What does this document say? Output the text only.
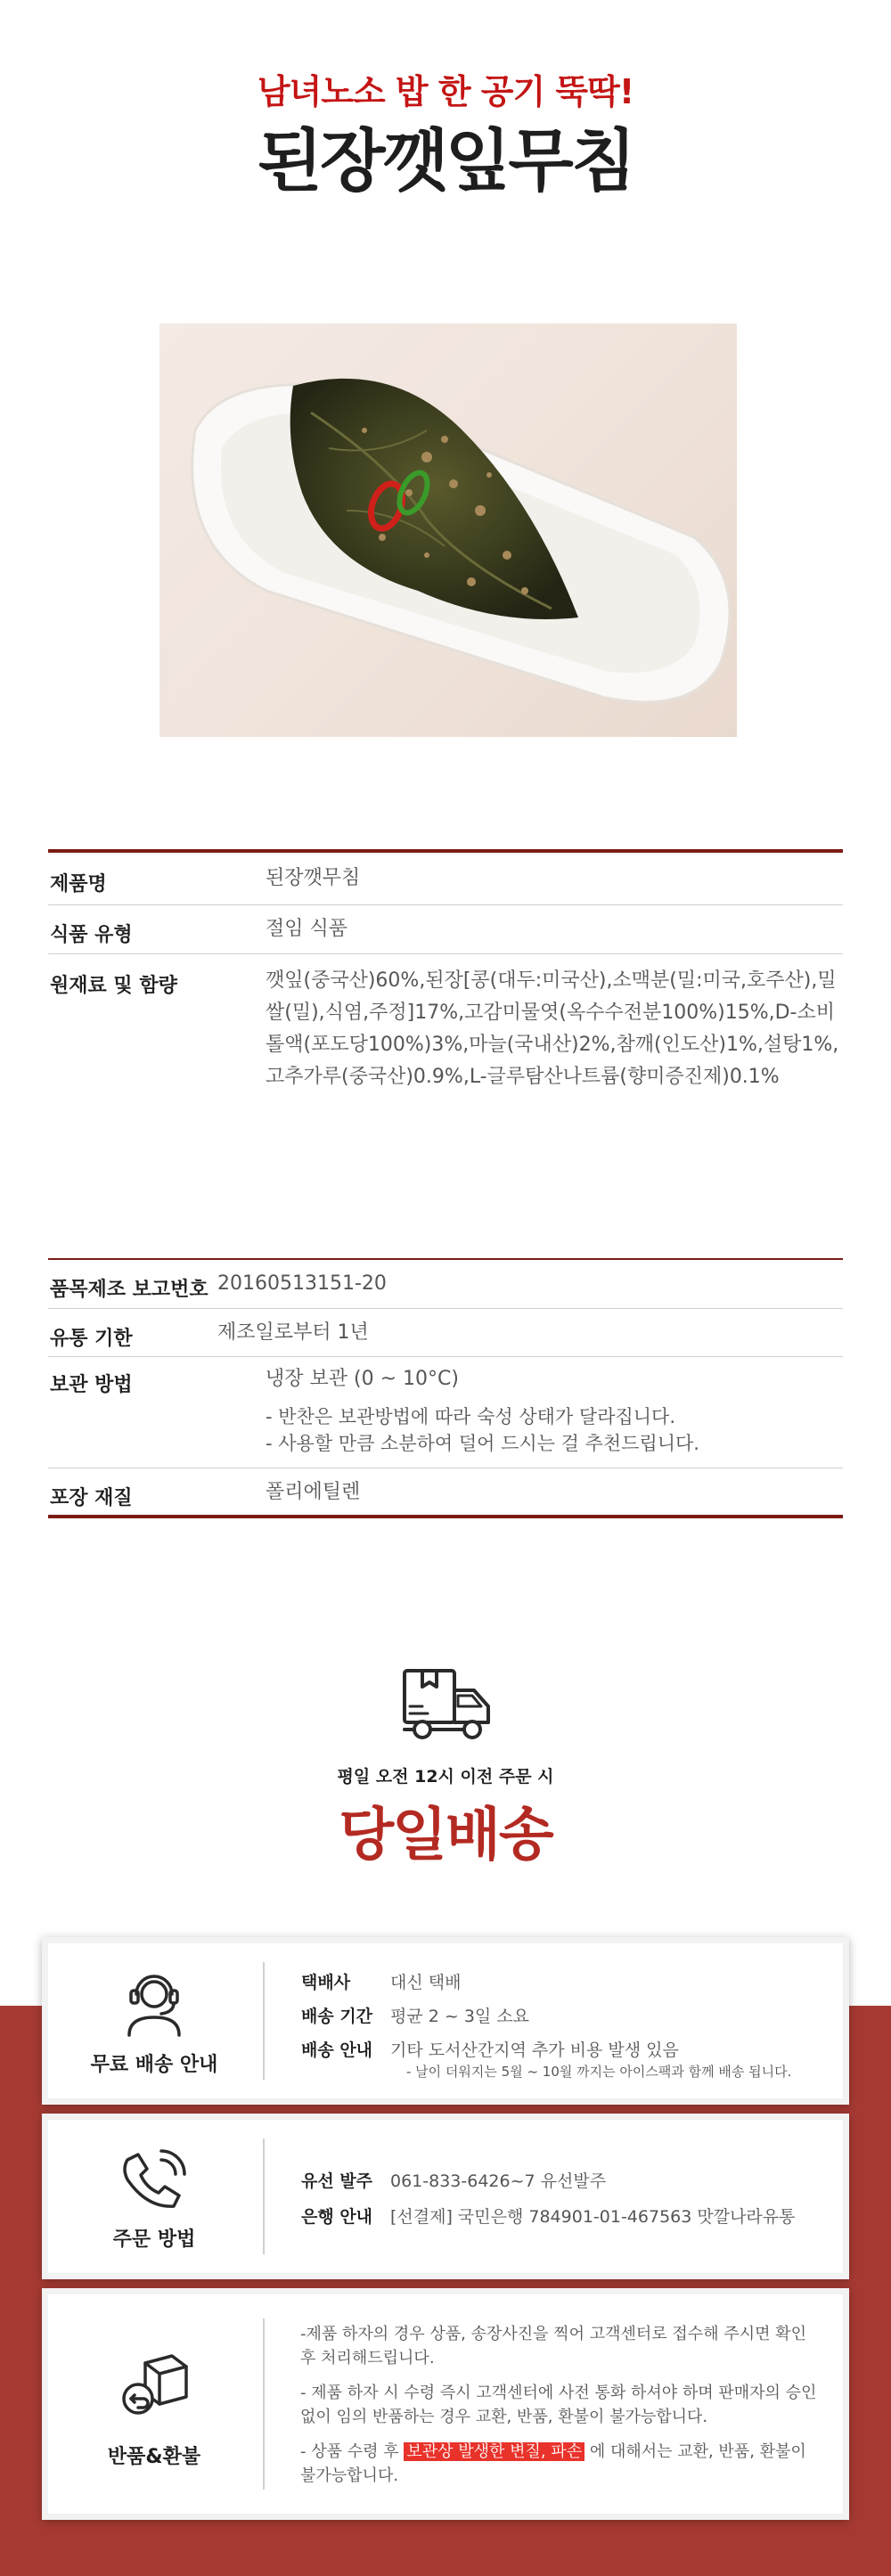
남녀노소 밥 한 공기 뚝딱!
된장깻잎무침
제품명	된장깻무침
식품 유형	절임 식품
원재료 및 함량	깻잎(중국산)60%,된장[콩(대두:미국산),소맥분(밀:미국,호주산),밀쌀(밀),식염,주정]17%,고감미물엿(옥수수전분100%)15%,D-소비톨액(포도당100%)3%,마늘(국내산)2%,참깨(인도산)1%,설탕1%,고추가루(중국산)0.9%,L-글루탐산나트륨(향미증진제)0.1%
품목제조 보고번호 20160513151-20
유통 기한	제조일로부터 1년
보관 방법	냉장 보관 (0 ~ 10°C)
- 반찬은 보관방법에 따라 숙성 상태가 달라집니다.
- 사용할 만큼 소분하여 덜어 드시는 걸 추천드립니다.
포장 재질	폴리에틸렌
평일 오전 12시 이전 주문 시
당일배송
무료 배송 안내
택배사 대신 택배
배송 기간 평균 2 ~ 3일 소요
배송 안내 기타 도서산간지역 추가 비용 발생 있음
- 날이 더워지는 5월 ~ 10월 까지는 아이스팩과 함께 배송 됩니다.
주문 방법
유선 발주 061-833-6426~7 유선발주
은행 안내 [선결제] 국민은행 784901-01-467563 맛깔나라유통
반품&환불
-제품 하자의 경우 상품, 송장사진을 찍어 고객센터로 접수해 주시면 확인 후 처리해드립니다.
- 제품 하자 시 수령 즉시 고객센터에 사전 통화 하셔야 하며 판매자의 승인 없이 임의 반품하는 경우 교환, 반품, 환불이 불가능합니다.
- 상품 수령 후 보관상 발생한 변질, 파손 에 대해서는 교환, 반품, 환불이 불가능합니다.
